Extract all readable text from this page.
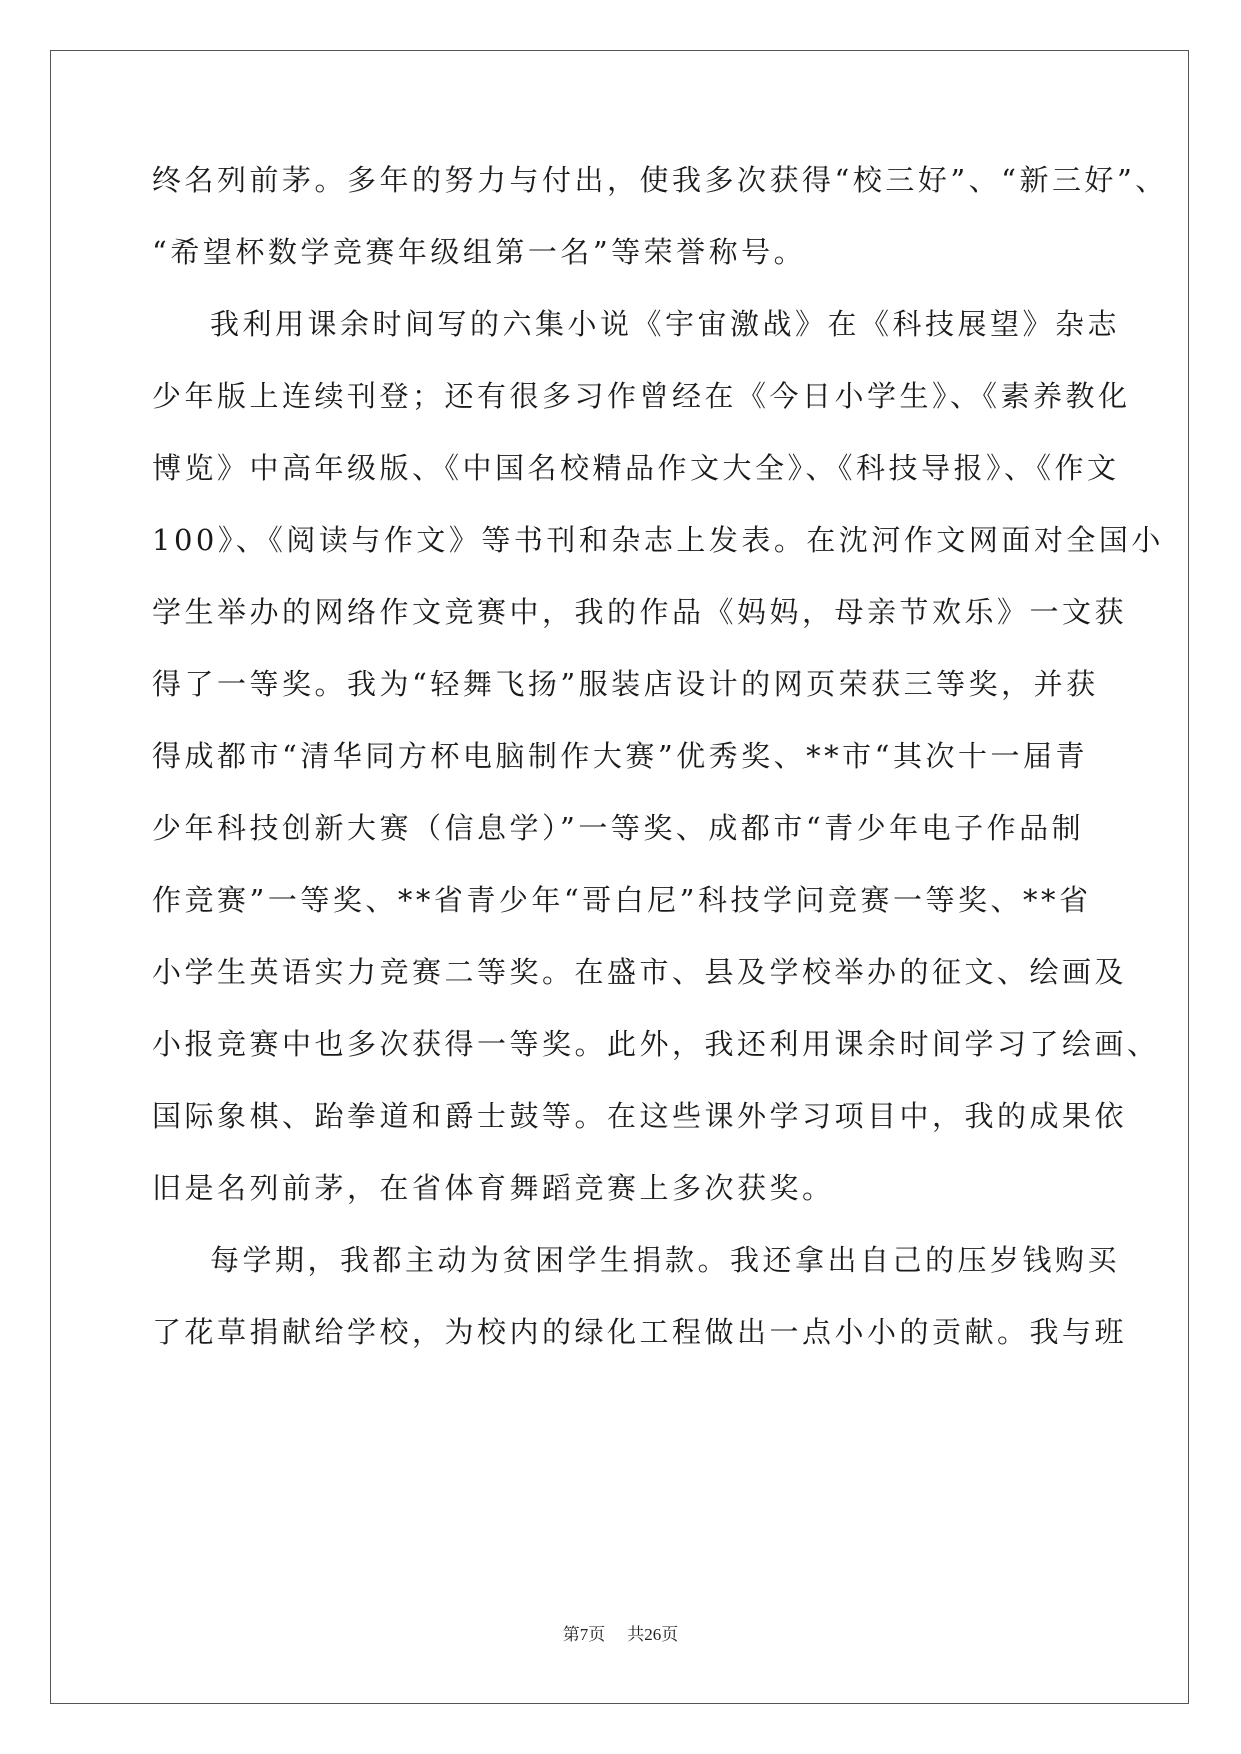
终名列前茅。多年的努力与付出，使我多次获得“校三好”、“新三好”、
“希望杯数学竞赛年级组第一名”等荣誉称号。
我利用课余时间写的六集小说《宇宙激战》在《科技展望》杂志
少年版上连续刊登；还有很多习作曾经在《今日小学生》、《素养教化
博览》中高年级版、《中国名校精品作文大全》、《科技导报》、《作文
100》、《阅读与作文》等书刊和杂志上发表。在沈河作文网面对全国小
学生举办的网络作文竞赛中，我的作品《妈妈，母亲节欢乐》一文获
得了一等奖。我为“轻舞飞扬”服装店设计的网页荣获三等奖，并获
得成都市“清华同方杯电脑制作大赛”优秀奖、**市“其次十一届青
少年科技创新大赛（信息学）”一等奖、成都市“青少年电子作品制
作竞赛”一等奖、**省青少年“哥白尼”科技学问竞赛一等奖、**省
小学生英语实力竞赛二等奖。在盛市、县及学校举办的征文、绘画及
小报竞赛中也多次获得一等奖。此外，我还利用课余时间学习了绘画、
国际象棋、跆拳道和爵士鼓等。在这些课外学习项目中，我的成果依
旧是名列前茅，在省体育舞蹈竞赛上多次获奖。
每学期，我都主动为贫困学生捐款。我还拿出自己的压岁钱购买
了花草捐献给学校，为校内的绿化工程做出一点小小的贡献。我与班
第7页 共26页
